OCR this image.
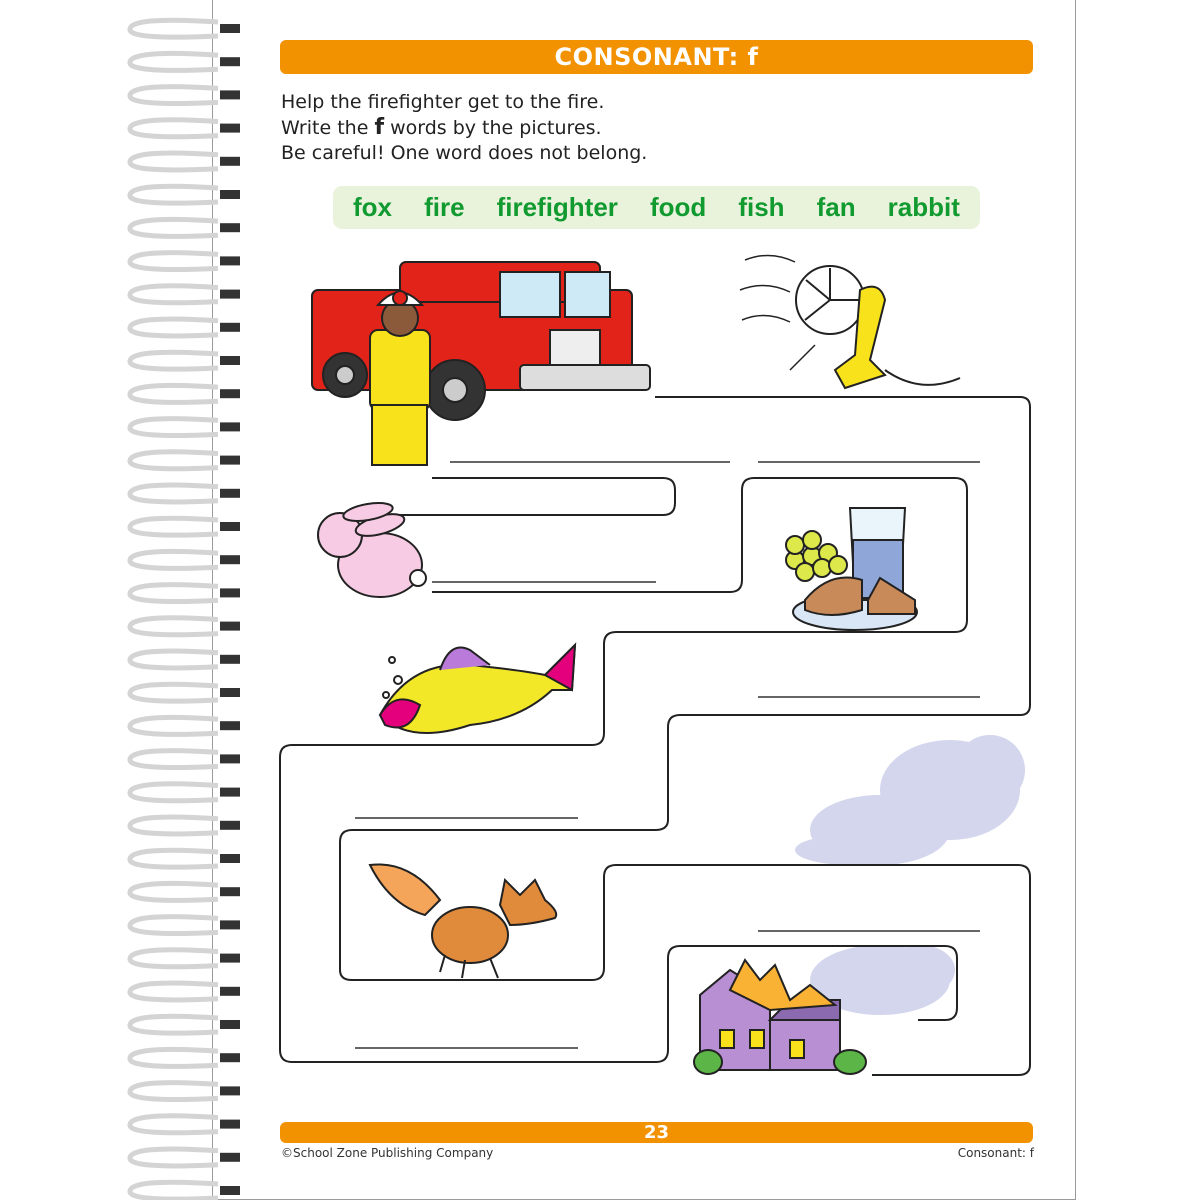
CONSONANT: f
Help the firefighter get to the fire.
Write the f words by the pictures.
Be careful! One word does not belong.
fox fire firefighter food fish fan rabbit
23
©School Zone Publishing Company	Consonant: f
